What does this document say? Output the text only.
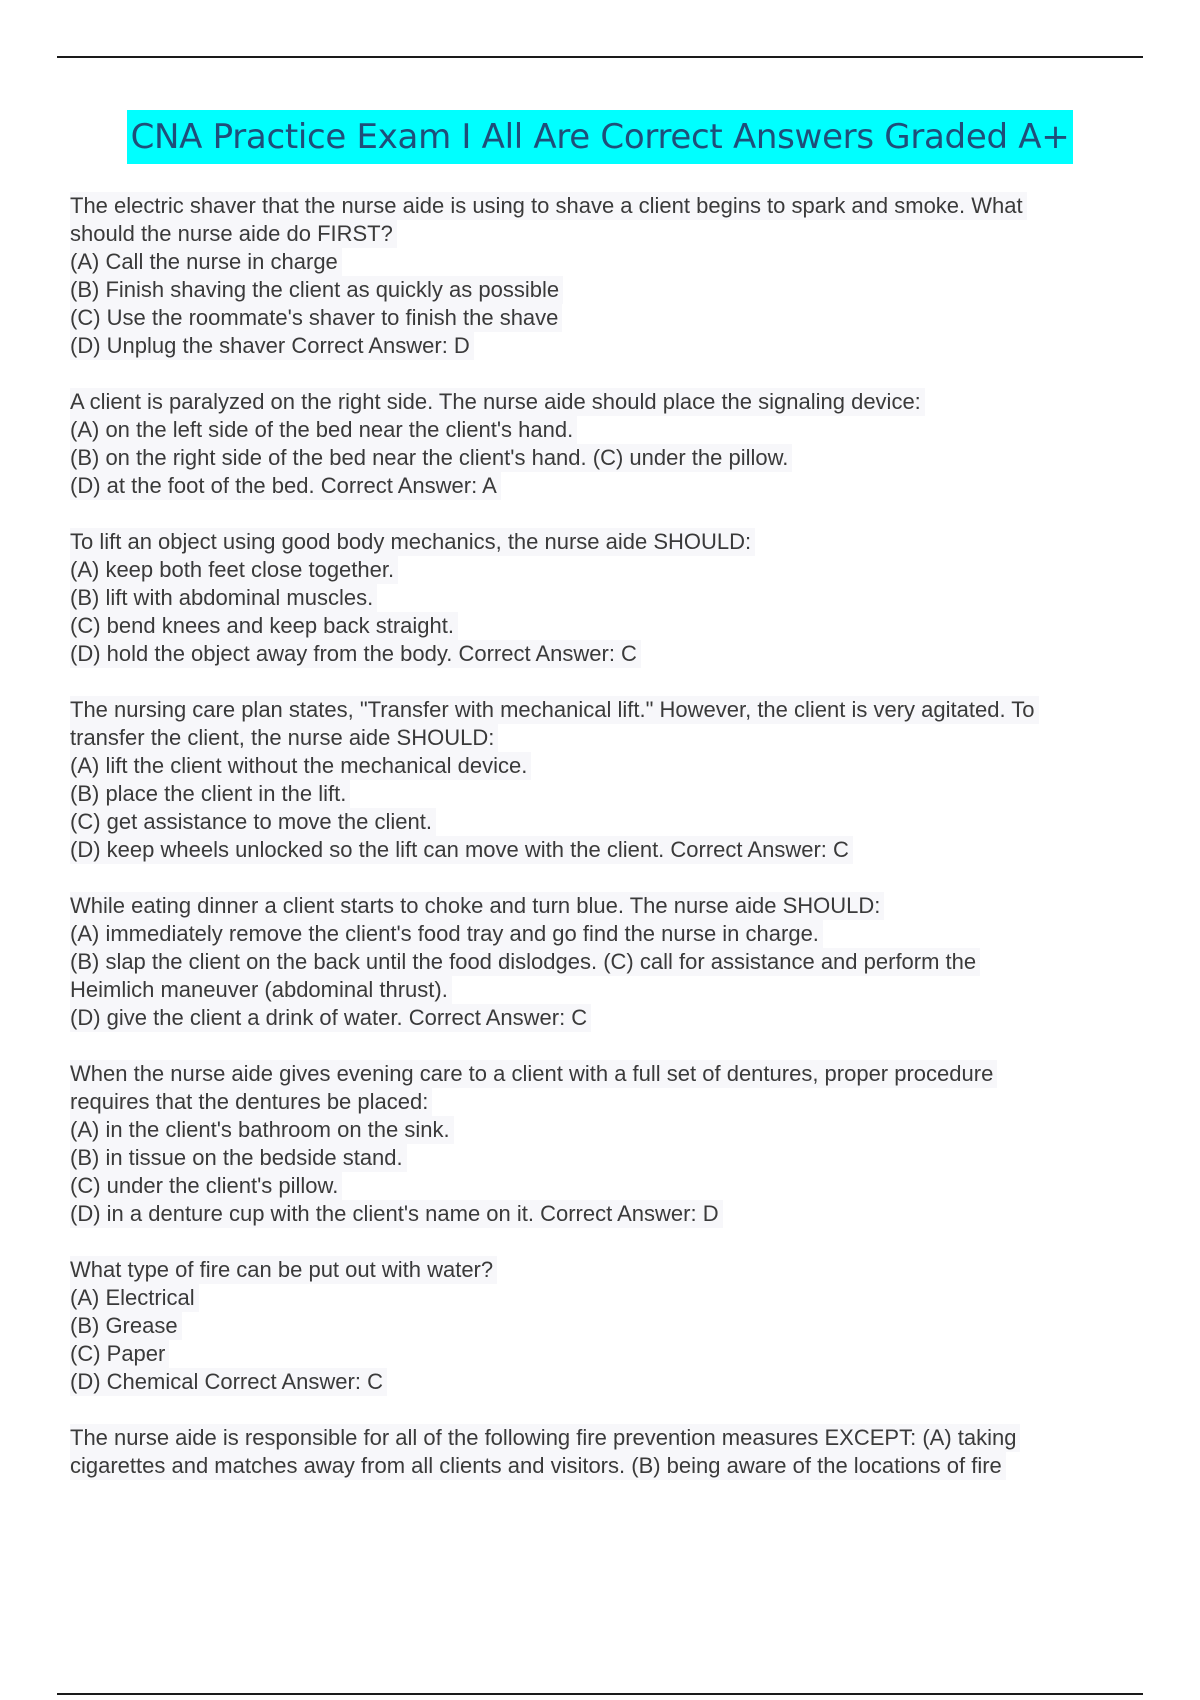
CNA Practice Exam I All Are Correct Answers Graded A+
The electric shaver that the nurse aide is using to shave a client begins to spark and smoke. What
should the nurse aide do FIRST?
(A) Call the nurse in charge
(B) Finish shaving the client as quickly as possible
(C) Use the roommate's shaver to finish the shave
(D) Unplug the shaver Correct Answer: D
A client is paralyzed on the right side. The nurse aide should place the signaling device:
(A) on the left side of the bed near the client's hand.
(B) on the right side of the bed near the client's hand. (C) under the pillow.
(D) at the foot of the bed. Correct Answer: A
To lift an object using good body mechanics, the nurse aide SHOULD:
(A) keep both feet close together.
(B) lift with abdominal muscles.
(C) bend knees and keep back straight.
(D) hold the object away from the body. Correct Answer: C
The nursing care plan states, "Transfer with mechanical lift." However, the client is very agitated. To
transfer the client, the nurse aide SHOULD:
(A) lift the client without the mechanical device.
(B) place the client in the lift.
(C) get assistance to move the client.
(D) keep wheels unlocked so the lift can move with the client. Correct Answer: C
While eating dinner a client starts to choke and turn blue. The nurse aide SHOULD:
(A) immediately remove the client's food tray and go find the nurse in charge.
(B) slap the client on the back until the food dislodges. (C) call for assistance and perform the
Heimlich maneuver (abdominal thrust).
(D) give the client a drink of water. Correct Answer: C
When the nurse aide gives evening care to a client with a full set of dentures, proper procedure
requires that the dentures be placed:
(A) in the client's bathroom on the sink.
(B) in tissue on the bedside stand.
(C) under the client's pillow.
(D) in a denture cup with the client's name on it. Correct Answer: D
What type of fire can be put out with water?
(A) Electrical
(B) Grease
(C) Paper
(D) Chemical Correct Answer: C
The nurse aide is responsible for all of the following fire prevention measures EXCEPT: (A) taking
cigarettes and matches away from all clients and visitors. (B) being aware of the locations of fire
